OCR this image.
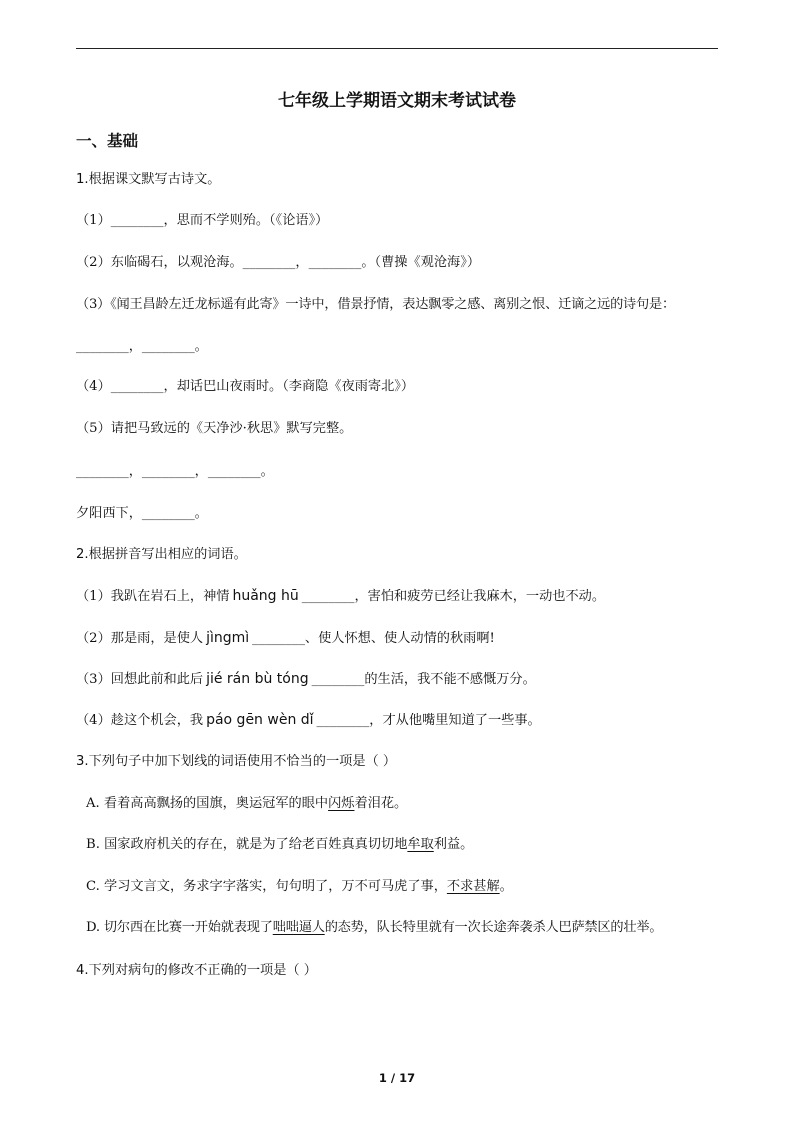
七年级上学期语文期末考试试卷
一、基础
1.根据课文默写古诗文。
（1）________，思而不学则殆。（《论语》）
（2）东临碣石，以观沧海。________，________。（曹操《观沧海》）
（3）《闻王昌龄左迁龙标遥有此寄》一诗中，借景抒情，表达飘零之感、离别之恨、迁谪之远的诗句是：
________，________。
（4）________，却话巴山夜雨时。（李商隐《夜雨寄北》）
（5）请把马致远的《天净沙·秋思》默写完整。
________，________，________。
夕阳西下，________。
2.根据拼音写出相应的词语。
（1）我趴在岩石上，神情 huǎng hū ________，害怕和疲劳已经让我麻木，一动也不动。
（2）那是雨，是使人 jìngmì ________、使人怀想、使人动情的秋雨啊!
（3）回想此前和此后 jié rán bù tóng ________的生活，我不能不感慨万分。
（4）趁这个机会，我 páo gēn wèn dǐ ________，才从他嘴里知道了一些事。
3.下列句子中加下划线的词语使用不恰当的一项是（ ）
A. 看着高高飘扬的国旗，奥运冠军的眼中闪烁着泪花。
B. 国家政府机关的存在，就是为了给老百姓真真切切地牟取利益。
C. 学习文言文，务求字字落实，句句明了，万不可马虎了事，不求甚解。
D. 切尔西在比赛一开始就表现了咄咄逼人的态势，队长特里就有一次长途奔袭杀人巴萨禁区的壮举。
4.下列对病句的修改不正确的一项是（ ）
1 / 17
